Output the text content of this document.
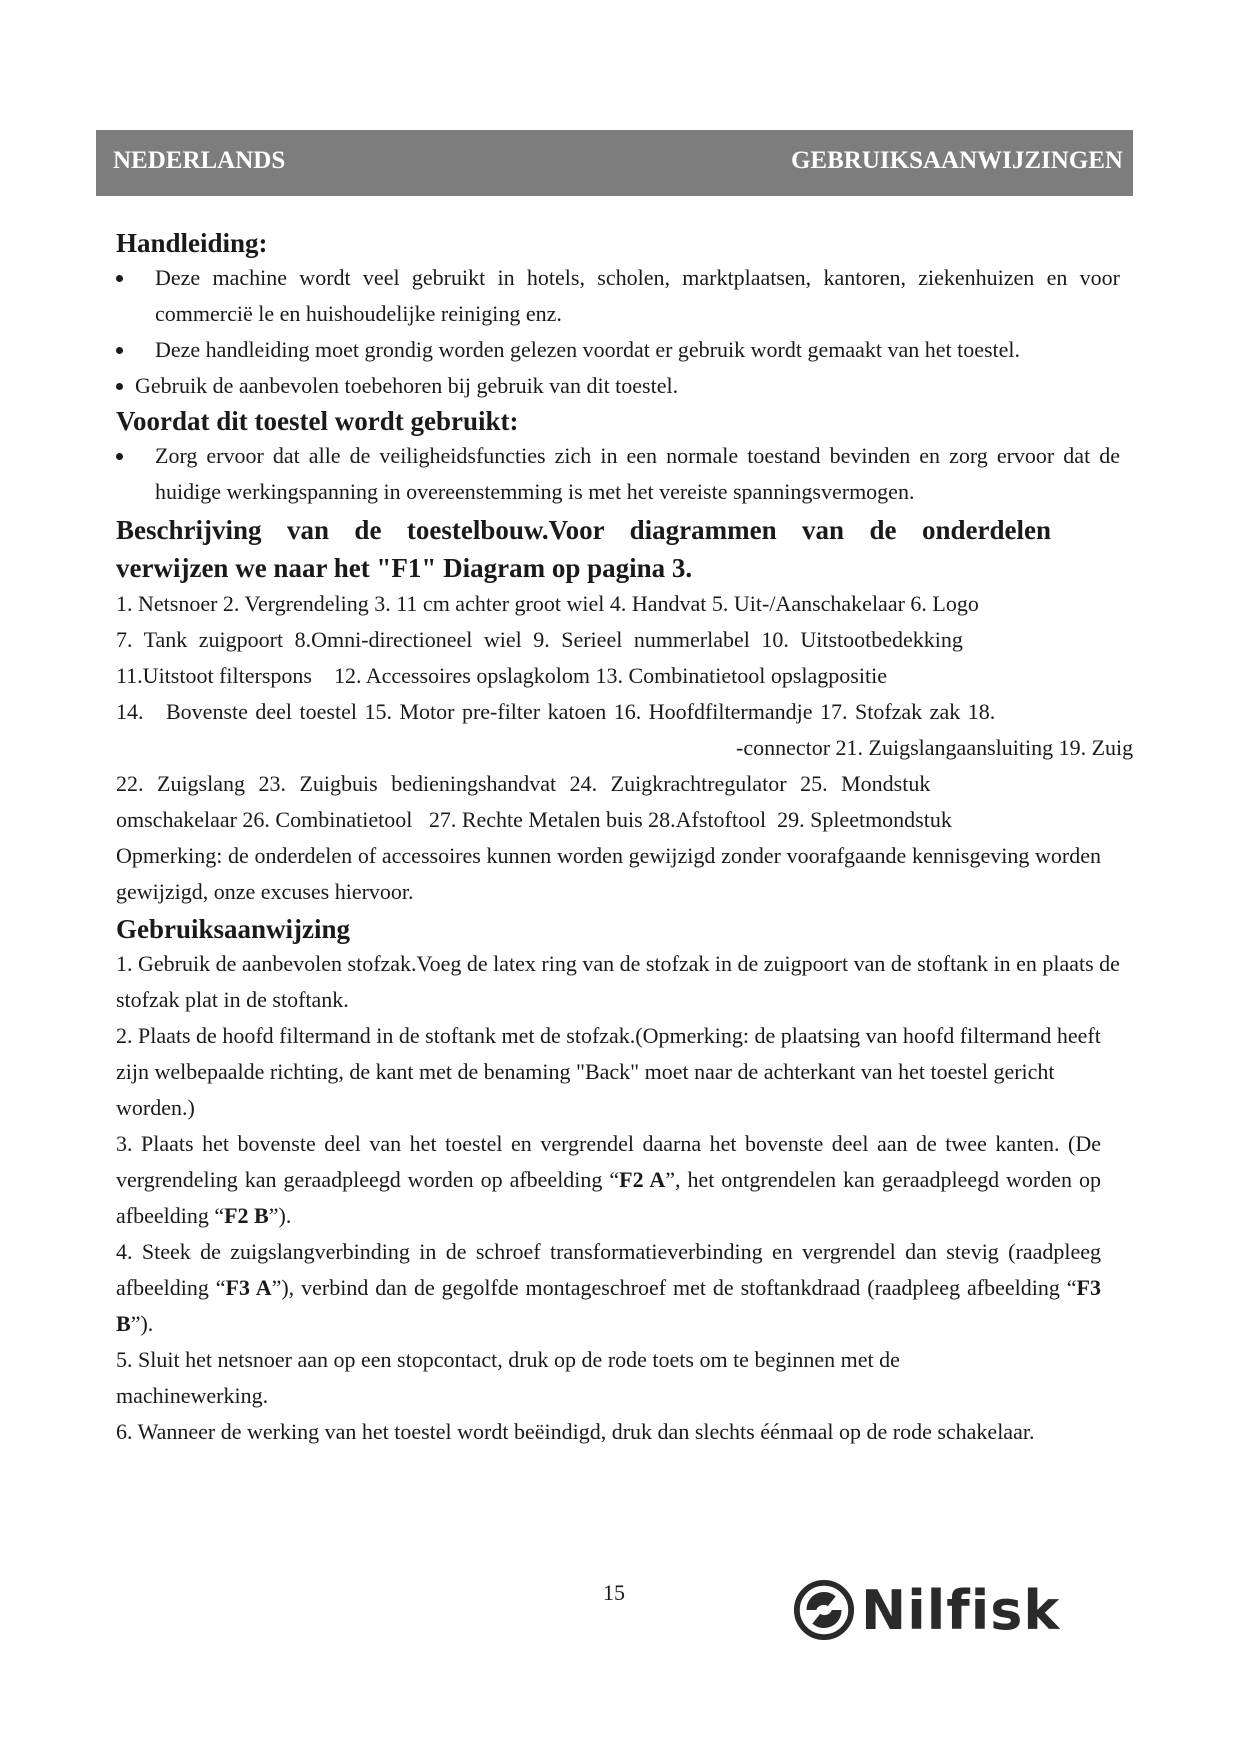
NEDERLANDS	GEBRUIKSAANWIJZINGEN
Handleiding:
Deze machine wordt veel gebruikt in hotels, scholen, marktplaatsen, kantoren, ziekenhuizen en voor commercië le en huishoudelijke reiniging enz.
Deze handleiding moet grondig worden gelezen voordat er gebruik wordt gemaakt van het toestel.
Gebruik de aanbevolen toebehoren bij gebruik van dit toestel.
Voordat dit toestel wordt gebruikt:
Zorg ervoor dat alle de veiligheidsfuncties zich in een normale toestand bevinden en zorg ervoor dat de huidige werkingspanning in overeenstemming is met het vereiste spanningsvermogen.
Beschrijving van de toestelbouw.Voor diagrammen van de onderdelen
verwijzen we naar het "F1" Diagram op pagina 3.
1. Netsnoer 2. Vergrendeling 3. 11 cm achter groot wiel 4. Handvat 5. Uit-/Aanschakelaar 6. Logo
7. Tank zuigpoort 8.Omni-directioneel wiel 9. Serieel nummerlabel 10. Uitstootbedekking
11.Uitstoot filterspons    12. Accessoires opslagkolom 13. Combinatietool opslagpositie
14.   Bovenste deel toestel 15. Motor pre-filter katoen 16. Hoofdfiltermandje 17. Stofzak zak 18.
-connector 21. Zuigslangaansluiting 19. Zuig
22. Zuigslang 23. Zuigbuis bedieningshandvat 24. Zuigkrachtregulator 25. Mondstuk
omschakelaar 26. Combinatietool   27. Rechte Metalen buis 28.Afstoftool  29. Spleetmondstuk
Opmerking: de onderdelen of accessoires kunnen worden gewijzigd zonder voorafgaande kennisgeving worden gewijzigd, onze excuses hiervoor.
Gebruiksaanwijzing
1. Gebruik de aanbevolen stofzak.Voeg de latex ring van de stofzak in de zuigpoort van de stoftank in en plaats de stofzak plat in de stoftank.
2. Plaats de hoofd filtermand in de stoftank met de stofzak.(Opmerking: de plaatsing van hoofd filtermand heeft zijn welbepaalde richting, de kant met de benaming "Back" moet naar de achterkant van het toestel gericht worden.)
3. Plaats het bovenste deel van het toestel en vergrendel daarna het bovenste deel aan de twee kanten. (De vergrendeling kan geraadpleegd worden op afbeelding “F2 A”, het ontgrendelen kan geraadpleegd worden op afbeelding “F2 B”).
4. Steek de zuigslangverbinding in de schroef transformatieverbinding en vergrendel dan stevig (raadpleeg afbeelding “F3 A”), verbind dan de gegolfde montageschroef met de stoftankdraad (raadpleeg afbeelding “F3 B”).
5. Sluit het netsnoer aan op een stopcontact, druk op de rode toets om te beginnen met de machinewerking.
6. Wanneer de werking van het toestel wordt beëindigd, druk dan slechts éénmaal op de rode schakelaar.
15	Nilfisk
